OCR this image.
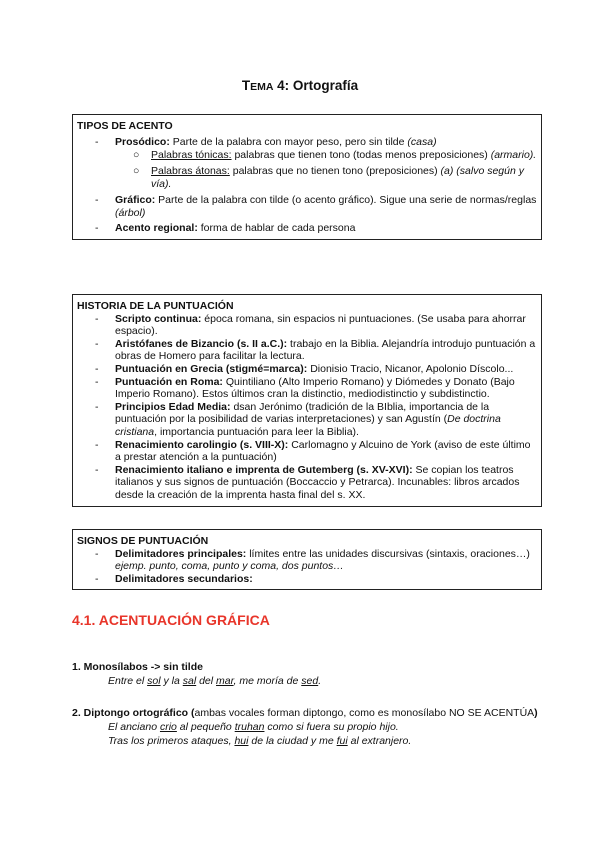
TEMA 4: Ortografía
TIPOS DE ACENTO
- Prosódico: Parte de la palabra con mayor peso, pero sin tilde (casa)
○ Palabras tónicas: palabras que tienen tono (todas menos preposiciones) (armario).
○ Palabras átonas: palabras que no tienen tono (preposiciones) (a) (salvo según y vía).
- Gráfico: Parte de la palabra con tilde (o acento gráfico). Sigue una serie de normas/reglas (árbol)
- Acento regional: forma de hablar de cada persona
HISTORIA DE LA PUNTUACIÓN
- Scripto continua: época romana, sin espacios ni puntuaciones. (Se usaba para ahorrar espacio).
- Aristófanes de Bizancio (s. II a.C.): trabajo en la Biblia. Alejandría introdujo puntuación a obras de Homero para facilitar la lectura.
- Puntuación en Grecia (stigmé=marca): Dionisio Tracio, Nicanor, Apolonio Díscolo...
- Puntuación en Roma: Quintiliano (Alto Imperio Romano) y Diómedes y Donato (Bajo Imperio Romano). Estos últimos cran la distinctio, mediodistinctio y subdistinctio.
- Principios Edad Media: dsan Jerónimo (tradición de la BIblia, importancia de la puntuación por la posibilidad de varias interpretaciones) y san Agustín (De doctrina cristiana, importancia puntuación para leer la Biblia).
- Renacimiento carolingio (s. VIII-X): Carlomagno y Alcuino de York (aviso de este último a prestar atención a la puntuación)
- Renacimiento italiano e imprenta de Gutemberg (s. XV-XVI): Se copian los teatros italianos y sus signos de puntuación (Boccaccio y Petrarca). Incunables: libros arcados desde la creación de la imprenta hasta final del s. XX.
SIGNOS DE PUNTUACIÓN
- Delimitadores principales: límites entre las unidades discursivas (sintaxis, oraciones…) ejemp. punto, coma, punto y coma, dos puntos…
- Delimitadores secundarios:
4.1. ACENTUACIÓN GRÁFICA
1. Monosílabos -> sin tilde
Entre el sol y la sal del mar, me moría de sed.
2. Diptongo ortográfico (ambas vocales forman diptongo, como es monosílabo NO SE ACENTÚA)
El anciano crio al pequeño truhan como si fuera su propio hijo.
Tras los primeros ataques, hui de la ciudad y me fui al extranjero.
